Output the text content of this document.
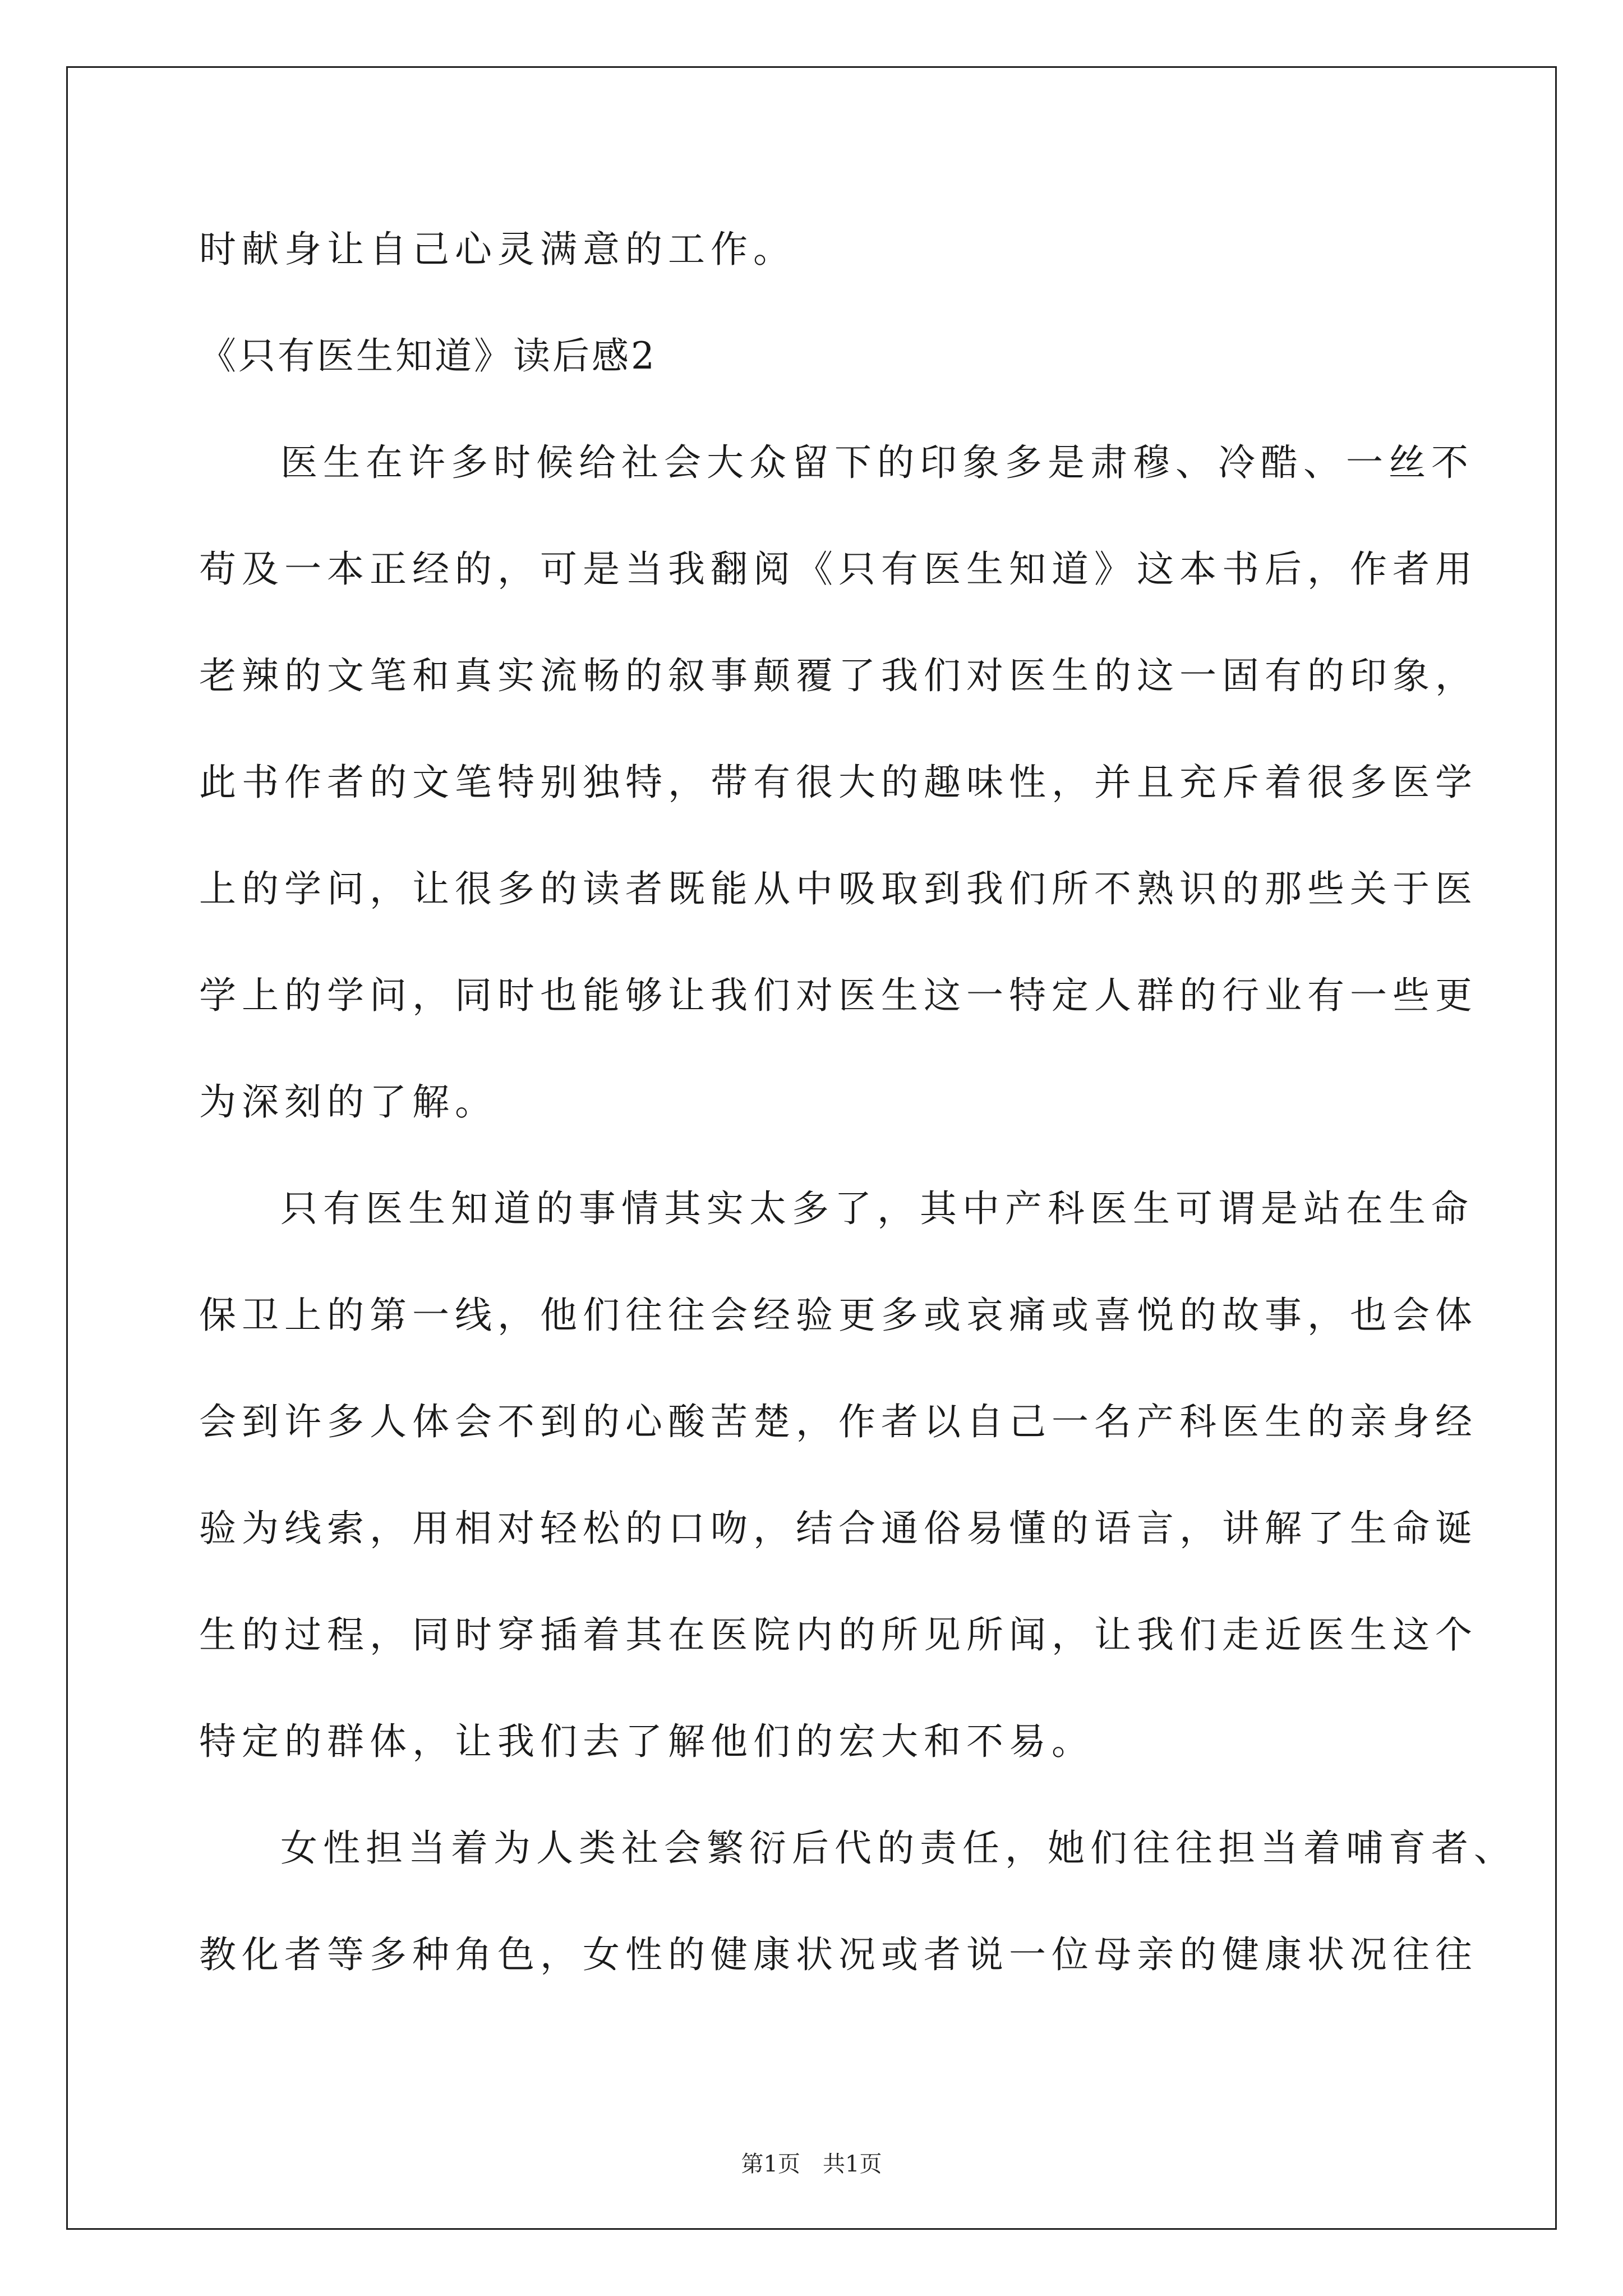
时献身让自己心灵满意的工作。
《只有医生知道》读后感2
医生在许多时候给社会大众留下的印象多是肃穆、冷酷、一丝不
苟及一本正经的，可是当我翻阅《只有医生知道》这本书后，作者用
老辣的文笔和真实流畅的叙事颠覆了我们对医生的这一固有的印象，
此书作者的文笔特别独特，带有很大的趣味性，并且充斥着很多医学
上的学问，让很多的读者既能从中吸取到我们所不熟识的那些关于医
学上的学问，同时也能够让我们对医生这一特定人群的行业有一些更
为深刻的了解。
只有医生知道的事情其实太多了，其中产科医生可谓是站在生命
保卫上的第一线，他们往往会经验更多或哀痛或喜悦的故事，也会体
会到许多人体会不到的心酸苦楚，作者以自己一名产科医生的亲身经
验为线索，用相对轻松的口吻，结合通俗易懂的语言，讲解了生命诞
生的过程，同时穿插着其在医院内的所见所闻，让我们走近医生这个
特定的群体，让我们去了解他们的宏大和不易。
女性担当着为人类社会繁衍后代的责任，她们往往担当着哺育者、
教化者等多种角色，女性的健康状况或者说一位母亲的健康状况往往
第1页　共1页
